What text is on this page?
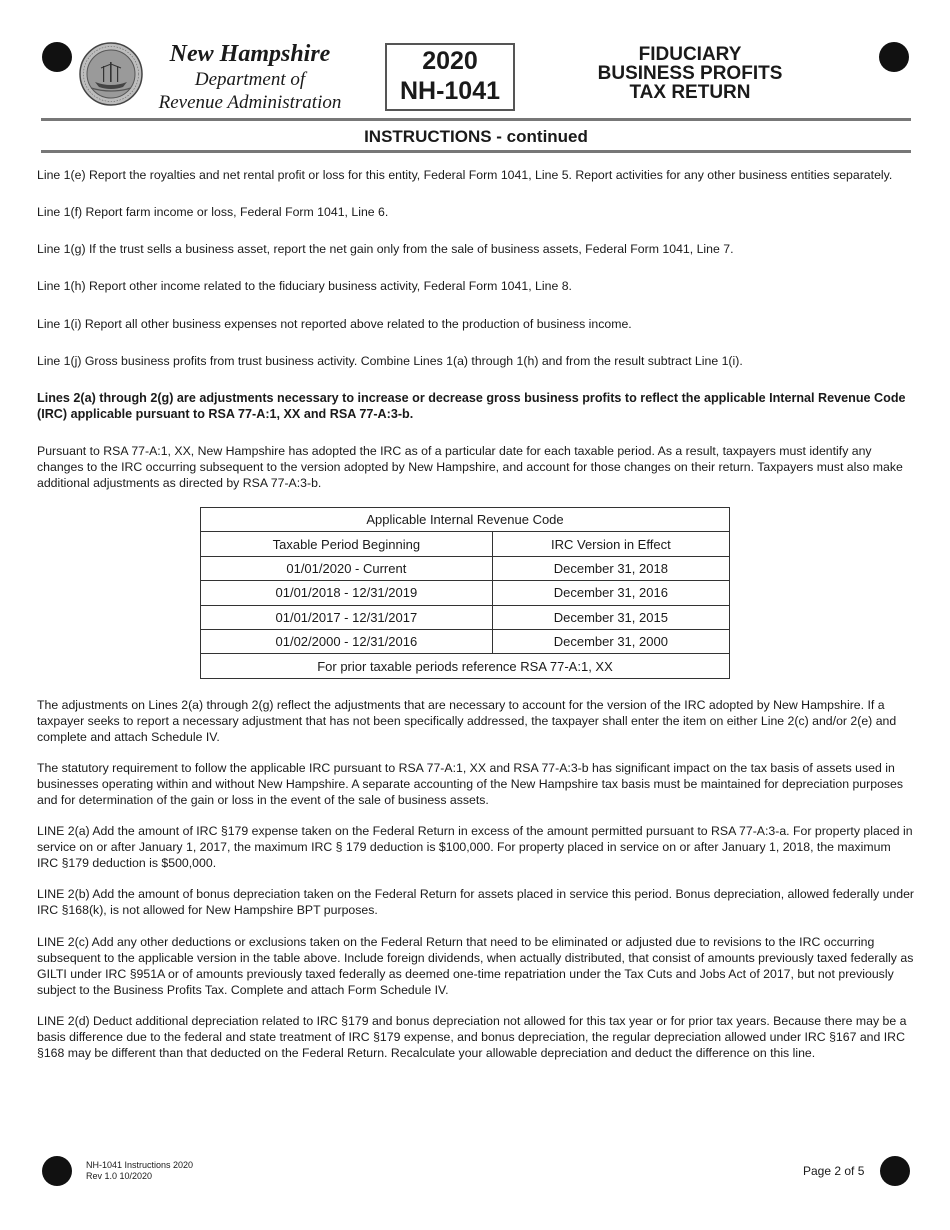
New Hampshire
Department of
Revenue Administration
2020
NH-1041
FIDUCIARY
BUSINESS PROFITS
TAX RETURN
INSTRUCTIONS - continued

Line 1(e) Report the royalties and net rental profit or loss for this entity, Federal Form 1041, Line 5. Report activities for any other business entities separately.

Line 1(f) Report farm income or loss, Federal Form 1041, Line 6.

Line 1(g) If the trust sells a business asset, report the net gain only from the sale of business assets, Federal Form 1041, Line 7.

Line 1(h) Report other income related to the fiduciary business activity, Federal Form 1041, Line 8.

Line 1(i) Report all other business expenses not reported above related to the production of business income.

Line 1(j) Gross business profits from trust business activity. Combine Lines 1(a) through 1(h) and from the result subtract Line 1(i).

Lines 2(a) through 2(g) are adjustments necessary to increase or decrease gross business profits to reflect the applicable Internal Revenue Code (IRC) applicable pursuant to RSA 77-A:1, XX and RSA 77-A:3-b.

Pursuant to RSA 77-A:1, XX, New Hampshire has adopted the IRC as of a particular date for each taxable period. As a result, taxpayers must identify any changes to the IRC occurring subsequent to the version adopted by New Hampshire, and account for those changes on their return. Taxpayers must also make additional adjustments as directed by RSA 77-A:3-b.

Applicable Internal Revenue Code	
Taxable Period Beginning	IRC Version in Effect
01/01/2020 - Current	December 31, 2018
01/01/2018 - 12/31/2019	December 31, 2016
01/01/2017 - 12/31/2017	December 31, 2015
01/02/2000 - 12/31/2016	December 31, 2000
For prior taxable periods reference RSA 77-A:1, XX	

The adjustments on Lines 2(a) through 2(g) reflect the adjustments that are necessary to account for the version of the IRC adopted by New Hampshire. If a taxpayer seeks to report a necessary adjustment that has not been specifically addressed, the taxpayer shall enter the item on either Line 2(c) and/or 2(e) and complete and attach Schedule IV.

The statutory requirement to follow the applicable IRC pursuant to RSA 77-A:1, XX and RSA 77-A:3-b has significant impact on the tax basis of assets used in businesses operating within and without New Hampshire. A separate accounting of the New Hampshire tax basis must be maintained for depreciation purposes and for determination of the gain or loss in the event of the sale of business assets.

LINE 2(a) Add the amount of IRC §179 expense taken on the Federal Return in excess of the amount permitted pursuant to RSA 77-A:3-a. For property placed in service on or after January 1, 2017, the maximum IRC § 179 deduction is $100,000. For property placed in service on or after January 1, 2018, the maximum IRC §179 deduction is $500,000.

LINE 2(b) Add the amount of bonus depreciation taken on the Federal Return for assets placed in service this period. Bonus depreciation, allowed federally under IRC §168(k), is not allowed for New Hampshire BPT purposes.

LINE 2(c) Add any other deductions or exclusions taken on the Federal Return that need to be eliminated or adjusted due to revisions to the IRC occurring subsequent to the applicable version in the table above. Include foreign dividends, when actually distributed, that consist of amounts previously taxed federally as GILTI under IRC §951A or of amounts previously taxed federally as deemed one-time repatriation under the Tax Cuts and Jobs Act of 2017, but not previously subject to the Business Profits Tax. Complete and attach Form Schedule IV.

LINE 2(d) Deduct additional depreciation related to IRC §179 and bonus depreciation not allowed for this tax year or for prior tax years. Because there may be a basis difference due to the federal and state treatment of IRC §179 expense, and bonus depreciation, the regular depreciation allowed under IRC §167 and IRC §168 may be different than that deducted on the Federal Return. Recalculate your allowable depreciation and deduct the difference on this line.

NH-1041 Instructions 2020
Rev 1.0 10/2020	Page 2 of 5
